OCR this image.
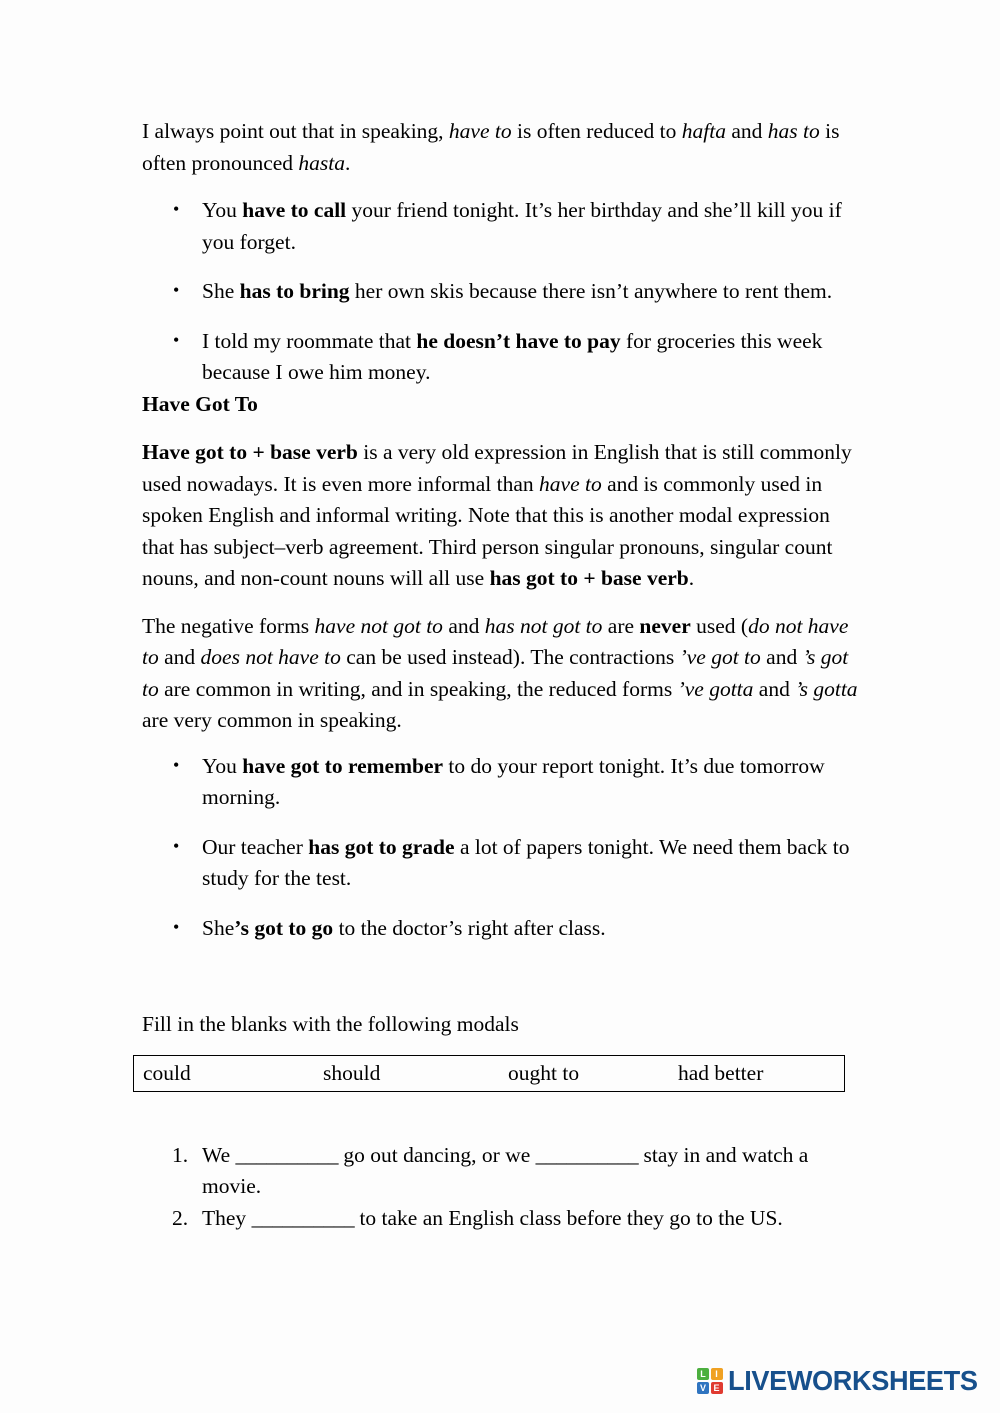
I always point out that in speaking, have to is often reduced to hafta and has to is often pronounced hasta.

• You have to call your friend tonight. It’s her birthday and she’ll kill you if you forget.
• She has to bring her own skis because there isn’t anywhere to rent them.
• I told my roommate that he doesn’t have to pay for groceries this week because I owe him money.
Have Got To

Have got to + base verb is a very old expression in English that is still commonly used nowadays. It is even more informal than have to and is commonly used in spoken English and informal writing. Note that this is another modal expression that has subject–verb agreement. Third person singular pronouns, singular count nouns, and non-count nouns will all use has got to + base verb.

The negative forms have not got to and has not got to are never used (do not have to and does not have to can be used instead). The contractions ’ve got to and ’s got to are common in writing, and in speaking, the reduced forms ’ve gotta and ’s gotta are very common in speaking.

• You have got to remember to do your report tonight. It’s due tomorrow morning.
• Our teacher has got to grade a lot of papers tonight. We need them back to study for the test.
• She’s got to go to the doctor’s right after class.

Fill in the blanks with the following modals

could	should	ought to	had better
We __________ go out dancing, or we __________ stay in and watch a movie.
They __________ to take an English class before they go to the US.
L	I
V E LIVEWORKSHEETS
